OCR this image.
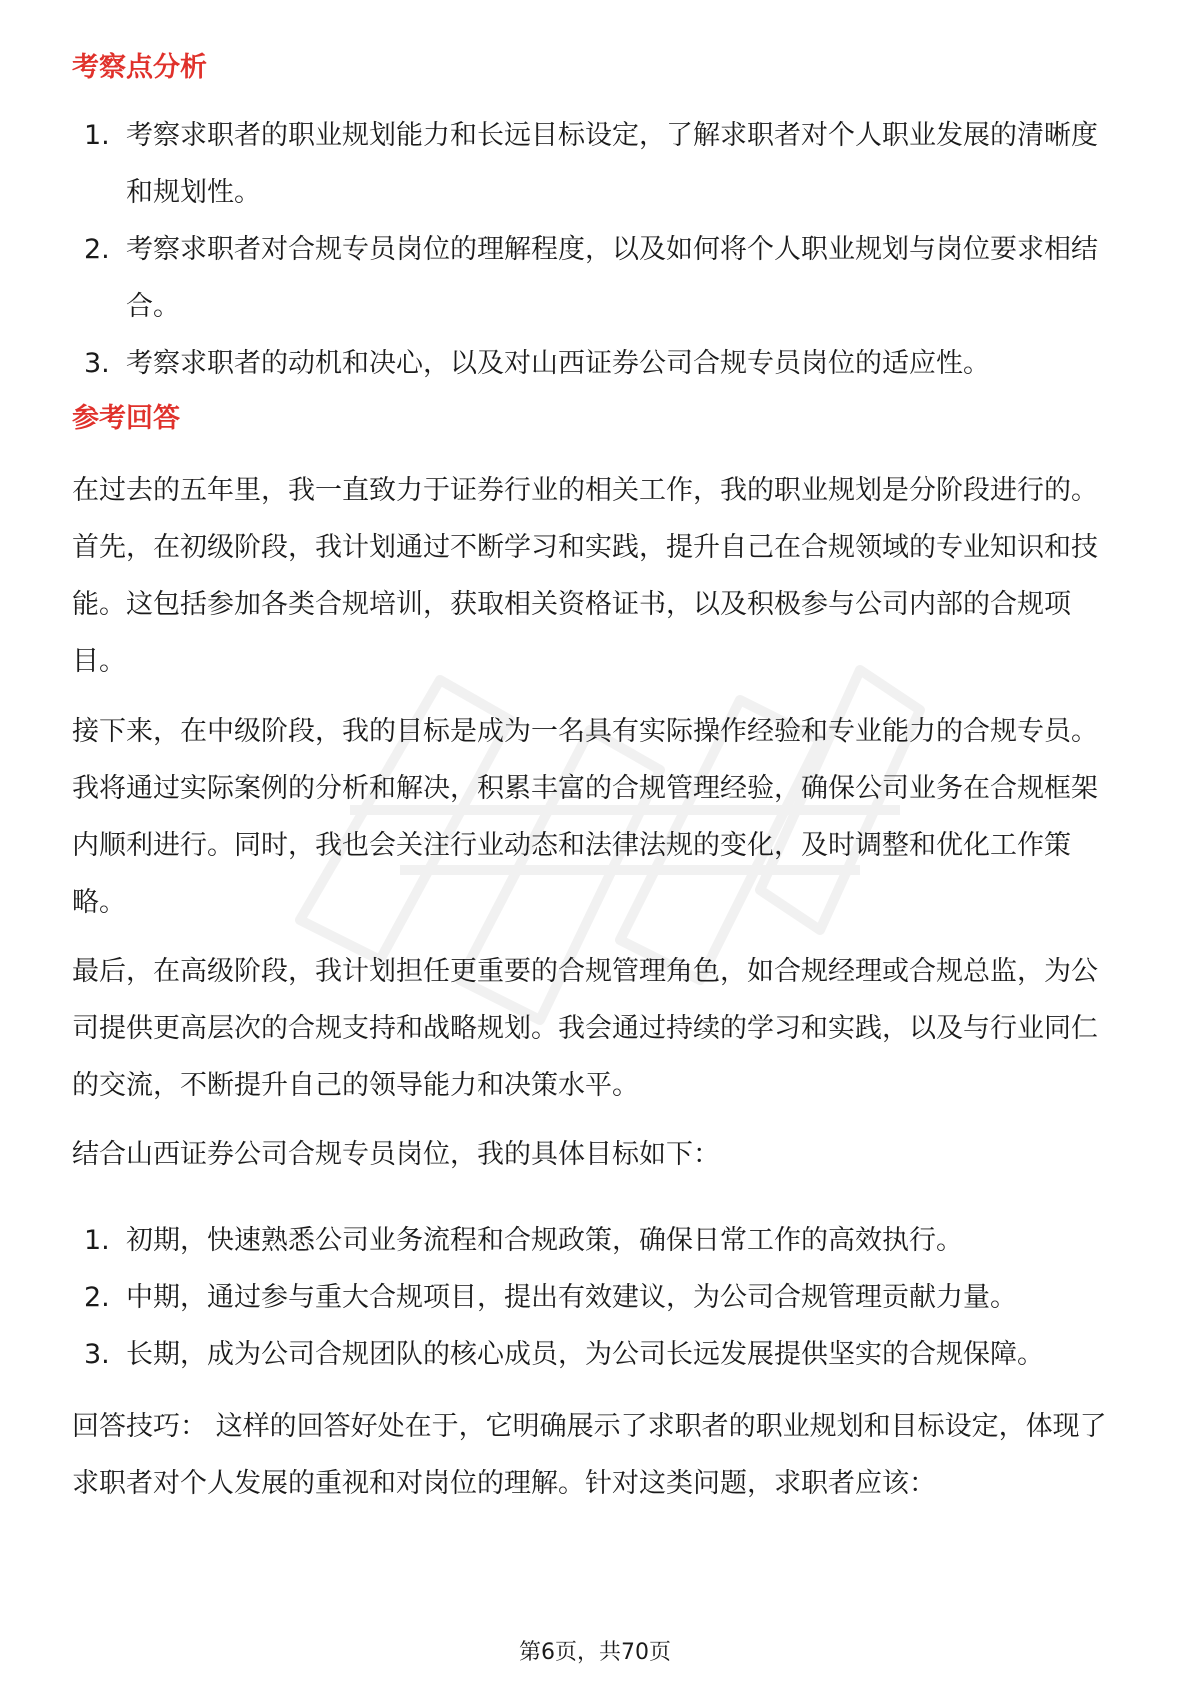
考察点分析
1. 考察求职者的职业规划能力和长远目标设定，了解求职者对个人职业发展的清晰度和规划性。
2. 考察求职者对合规专员岗位的理解程度，以及如何将个人职业规划与岗位要求相结合。
3. 考察求职者的动机和决心，以及对山西证券公司合规专员岗位的适应性。
参考回答

在过去的五年里，我一直致力于证券行业的相关工作，我的职业规划是分阶段进行的。首先，在初级阶段，我计划通过不断学习和实践，提升自己在合规领域的专业知识和技能。这包括参加各类合规培训，获取相关资格证书，以及积极参与公司内部的合规项目。

接下来，在中级阶段，我的目标是成为一名具有实际操作经验和专业能力的合规专员。我将通过实际案例的分析和解决，积累丰富的合规管理经验，确保公司业务在合规框架内顺利进行。同时，我也会关注行业动态和法律法规的变化，及时调整和优化工作策略。

最后，在高级阶段，我计划担任更重要的合规管理角色，如合规经理或合规总监，为公司提供更高层次的合规支持和战略规划。我会通过持续的学习和实践，以及与行业同仁的交流，不断提升自己的领导能力和决策水平。

结合山西证券公司合规专员岗位，我的具体目标如下：

1. 初期，快速熟悉公司业务流程和合规政策，确保日常工作的高效执行。
2. 中期，通过参与重大合规项目，提出有效建议，为公司合规管理贡献力量。
3. 长期，成为公司合规团队的核心成员，为公司长远发展提供坚实的合规保障。

回答技巧： 这样的回答好处在于，它明确展示了求职者的职业规划和目标设定，体现了求职者对个人发展的重视和对岗位的理解。针对这类问题，求职者应该：

第6页，共70页
